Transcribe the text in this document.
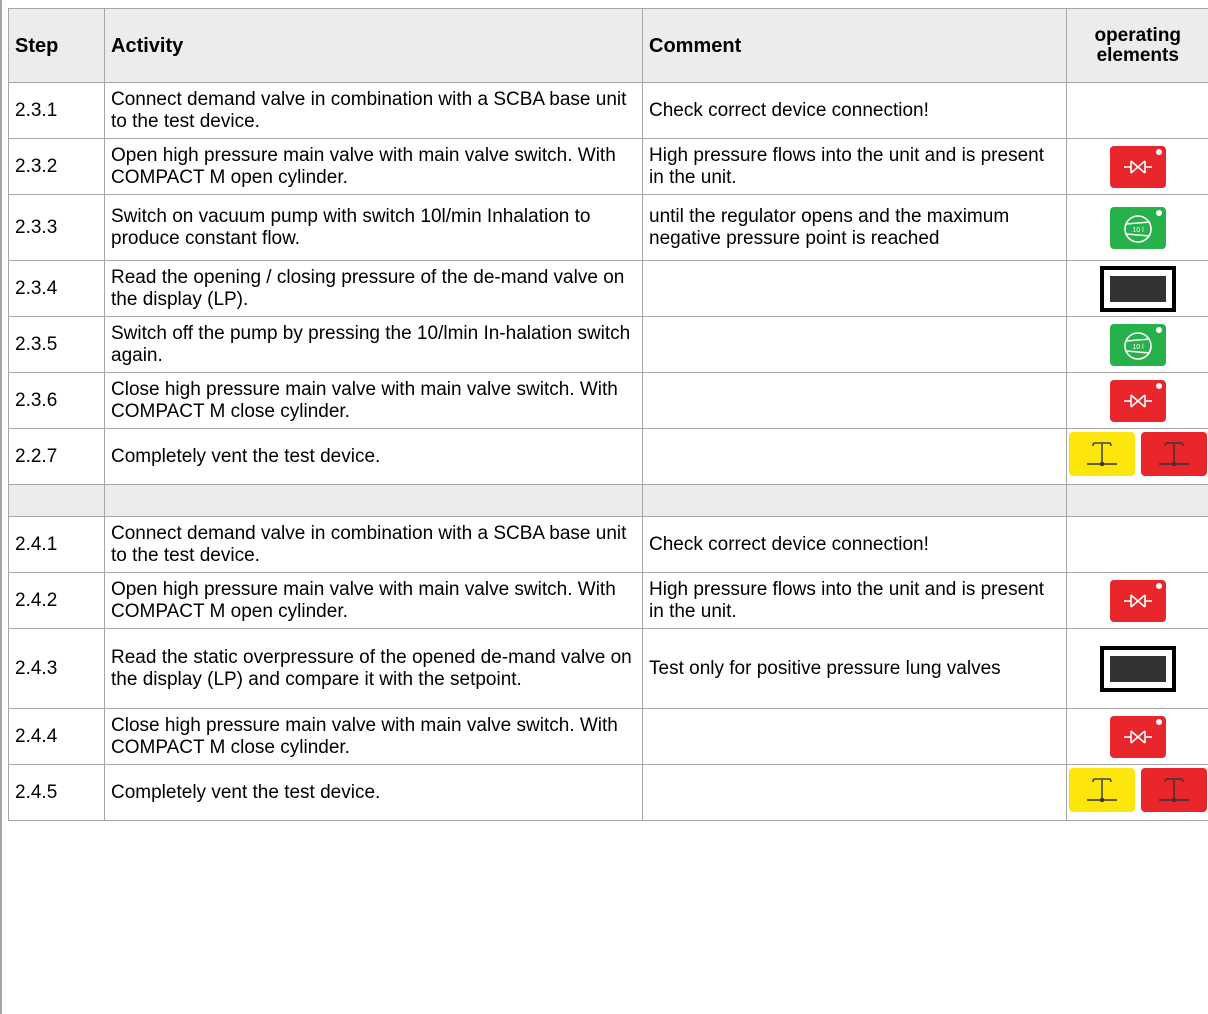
Step	Activity	Comment	operating elements
2.3.1	Connect demand valve in combination with a SCBA base unit to the test device.	Check correct device connection!	
2.3.2	Open high pressure main valve with main valve switch. With COMPACT M open cylinder.	High pressure flows into the unit and is present in the unit.	

2.3.3	Switch on vacuum pump with switch 10l/min Inhalation to produce constant flow.	until the regulator opens and the maximum negative pressure point is reached	10 l

2.3.4	Read the opening / closing pressure of the de-mand valve on the display (LP).		

2.3.5	Switch off the pump by pressing the 10/lmin In-halation switch again.		10 l

2.3.6	Close high pressure main valve with main valve switch. With COMPACT M close cylinder.		

2.2.7	Completely vent the test device.		

2.4.1	Connect demand valve in combination with a SCBA base unit to the test device.	Check correct device connection!	
2.4.2	Open high pressure main valve with main valve switch. With COMPACT M open cylinder.	High pressure flows into the unit and is present in the unit.	

2.4.3	Read the static overpressure of the opened de-mand valve on the display (LP) and compare it with the setpoint.	Test only for positive pressure lung valves	

2.4.4	Close high pressure main valve with main valve switch. With COMPACT M close cylinder.		

2.4.5	Completely vent the test device.		
